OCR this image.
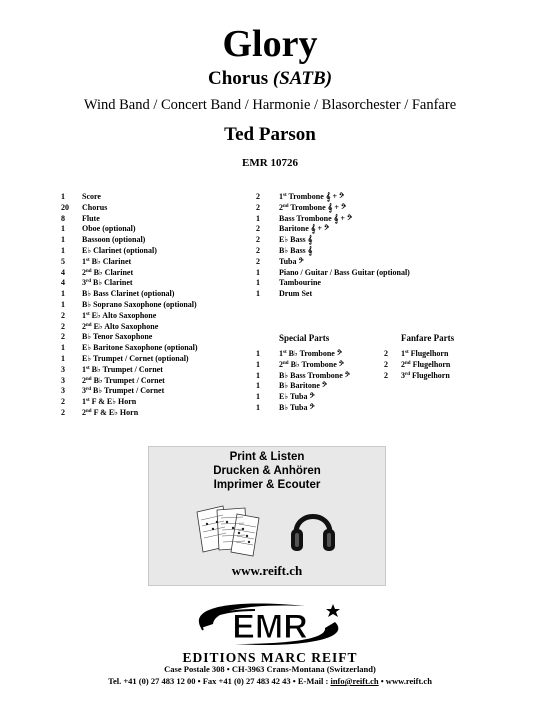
Glory
Chorus (SATB)
Wind Band / Concert Band / Harmonie / Blasorchester / Fanfare
Ted Parson
EMR 10726
1	Score
20	Chorus
8	Flute
1	Oboe (optional)
1	Bassoon (optional)
1	E♭ Clarinet (optional)
5	1st B♭ Clarinet
4	2nd B♭ Clarinet
4	3rd B♭ Clarinet
1	B♭ Bass Clarinet (optional)
1	B♭ Soprano Saxophone (optional)
2	1st E♭ Alto Saxophone
2	2nd E♭ Alto Saxophone
2	B♭ Tenor Saxophone
1	E♭ Baritone Saxophone (optional)
1	E♭ Trumpet / Cornet (optional)
3	1st B♭ Trumpet / Cornet
3	2nd B♭ Trumpet / Cornet
3	3rd B♭ Trumpet / Cornet
2	1st F & E♭ Horn
2	2nd F & E♭ Horn
2	1st Trombone 𝄞 + 𝄢
2	2nd Trombone 𝄞 + 𝄢
1	Bass Trombone 𝄞 + 𝄢
2	Baritone 𝄞 + 𝄢
2	E♭ Bass 𝄞
2	B♭ Bass 𝄞
2	Tuba 𝄢
1	Piano / Guitar / Bass Guitar (optional)
1	Tambourine
1	Drum Set
Special Parts	Fanfare Parts
1	1st B♭ Trombone 𝄢
1	2nd B♭ Trombone 𝄢
1	B♭ Bass Trombone 𝄢
1	B♭ Baritone 𝄢
1	E♭ Tuba 𝄢
1	B♭ Tuba 𝄢
2	1st Flugelhorn
2	2nd Flugelhorn
2	3rd Flugelhorn
Print & Listen
Drucken & Anhören
Imprimer & Ecouter
www.reift.ch
EMR
EDITIONS MARC REIFT
Case Postale 308 • CH-3963 Crans-Montana (Switzerland)
Tel. +41 (0) 27 483 12 00 • Fax +41 (0) 27 483 42 43 • E-Mail : info@reift.ch • www.reift.ch
